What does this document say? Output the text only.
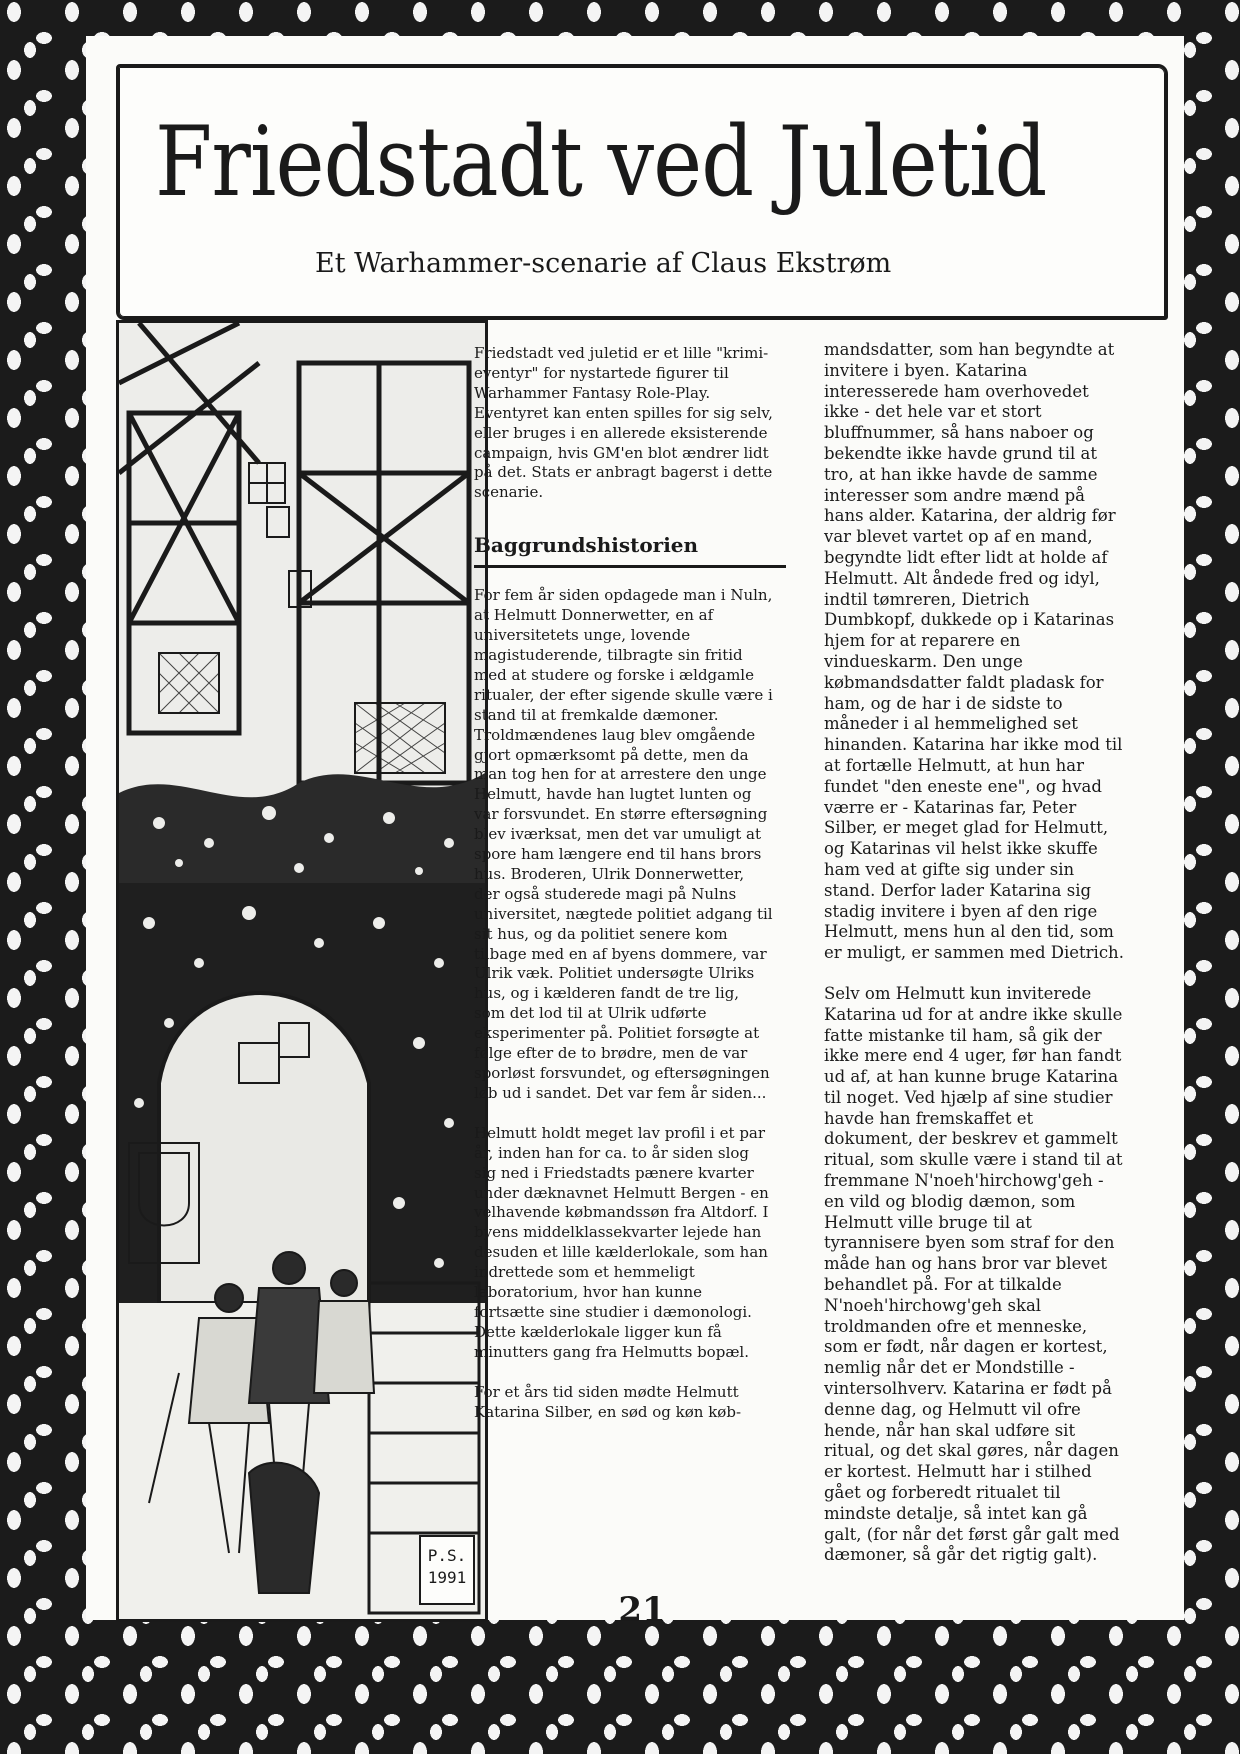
Friedstadt ved Juletid
Et Warhammer-scenarie af Claus Ekstrøm
P.S.
1991

Friedstadt ved juletid er et lille "krimi-eventyr" for nystartede figurer til Warhammer Fantasy Role-Play. Eventyret kan enten spilles for sig selv, eller bruges i en allerede eksisterende campaign, hvis GM'en blot ændrer lidt på det. Stats er anbragt bagerst i dette scenarie.

Baggrundshistorien

For fem år siden opdagede man i Nuln, at Helmutt Donnerwetter, en af universitetets unge, lovende magistuderende, tilbragte sin fritid med at studere og forske i ældgamle ritualer, der efter sigende skulle være i stand til at fremkalde dæmoner. Troldmændenes laug blev omgående gjort opmærksomt på dette, men da man tog hen for at arrestere den unge Helmutt, havde han lugtet lunten og var forsvundet. En større eftersøgning blev iværksat, men det var umuligt at spore ham længere end til hans brors hus. Broderen, Ulrik Donnerwetter, der også studerede magi på Nulns universitet, nægtede politiet adgang til sit hus, og da politiet senere kom tilbage med en af byens dommere, var Ulrik væk. Politiet undersøgte Ulriks hus, og i kælderen fandt de tre lig, som det lod til at Ulrik udførte eksperimenter på. Politiet forsøgte at følge efter de to brødre, men de var sporløst forsvundet, og eftersøgningen løb ud i sandet. Det var fem år siden...

Helmutt holdt meget lav profil i et par år, inden han for ca. to år siden slog sig ned i Friedstadts pænere kvarter under dæknavnet Helmutt Bergen - en velhavende købmandssøn fra Altdorf. I byens middelklassekvarter lejede han desuden et lille kælderlokale, som han indrettede som et hemmeligt laboratorium, hvor han kunne fortsætte sine studier i dæmonologi. Dette kælderlokale ligger kun få minutters gang fra Helmutts bopæl.

For et års tid siden mødte Helmutt Katarina Silber, en sød og køn køb-

mandsdatter, som han begyndte at invitere i byen. Katarina interesserede ham overhovedet ikke - det hele var et stort bluffnummer, så hans naboer og bekendte ikke havde grund til at tro, at han ikke havde de samme interesser som andre mænd på hans alder. Katarina, der aldrig før var blevet vartet op af en mand, begyndte lidt efter lidt at holde af Helmutt. Alt åndede fred og idyl, indtil tømreren, Dietrich Dumbkopf, dukkede op i Katarinas hjem for at reparere en vindueskarm. Den unge købmandsdatter faldt pladask for ham, og de har i de sidste to måneder i al hemmelighed set hinanden. Katarina har ikke mod til at fortælle Helmutt, at hun har fundet "den eneste ene", og hvad værre er - Katarinas far, Peter Silber, er meget glad for Helmutt, og Katarinas vil helst ikke skuffe ham ved at gifte sig under sin stand. Derfor lader Katarina sig stadig invitere i byen af den rige Helmutt, mens hun al den tid, som er muligt, er sammen med Dietrich.

Selv om Helmutt kun inviterede Katarina ud for at andre ikke skulle fatte mistanke til ham, så gik der ikke mere end 4 uger, før han fandt ud af, at han kunne bruge Katarina til noget. Ved hjælp af sine studier havde han fremskaffet et dokument, der beskrev et gammelt ritual, som skulle være i stand til at fremmane N'noeh'hirchowg'geh - en vild og blodig dæmon, som Helmutt ville bruge til at tyrannisere byen som straf for den måde han og hans bror var blevet behandlet på. For at tilkalde N'noeh'hirchowg'geh skal troldmanden ofre et menneske, som er født, når dagen er kortest, nemlig når det er Mondstille - vintersolhverv. Katarina er født på denne dag, og Helmutt vil ofre hende, når han skal udføre sit ritual, og det skal gøres, når dagen er kortest. Helmutt har i stilhed gået og forberedt ritualet til mindste detalje, så intet kan gå galt, (for når det først går galt med dæmoner, så går det rigtig galt).

21
